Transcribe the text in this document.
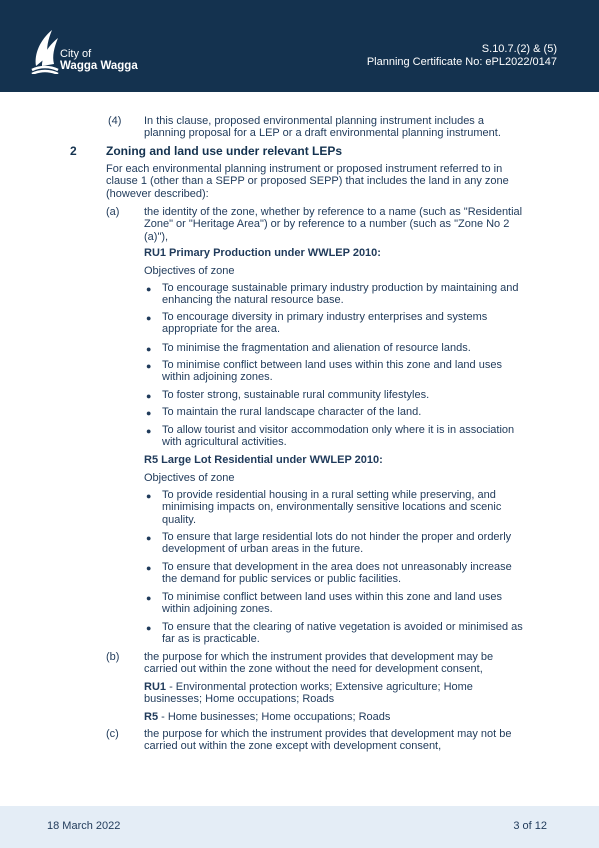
City of
Wagga Wagga
S.10.7.(2) & (5)
Planning Certificate No: ePL2022/0147
(4) In this clause, proposed environmental planning instrument includes a planning proposal for a LEP or a draft environmental planning instrument.
2 Zoning and land use under relevant LEPs
For each environmental planning instrument or proposed instrument referred to in clause 1 (other than a SEPP or proposed SEPP) that includes the land in any zone (however described):
(a) the identity of the zone, whether by reference to a name (such as "Residential Zone" or "Heritage Area") or by reference to a number (such as "Zone No 2 (a)"),
RU1 Primary Production under WWLEP 2010:
Objectives of zone
● To encourage sustainable primary industry production by maintaining and enhancing the natural resource base.
● To encourage diversity in primary industry enterprises and systems appropriate for the area.
● To minimise the fragmentation and alienation of resource lands.
● To minimise conflict between land uses within this zone and land uses within adjoining zones.
● To foster strong, sustainable rural community lifestyles.
● To maintain the rural landscape character of the land.
● To allow tourist and visitor accommodation only where it is in association with agricultural activities.
R5 Large Lot Residential under WWLEP 2010:
Objectives of zone
● To provide residential housing in a rural setting while preserving, and minimising impacts on, environmentally sensitive locations and scenic quality.
● To ensure that large residential lots do not hinder the proper and orderly development of urban areas in the future.
● To ensure that development in the area does not unreasonably increase the demand for public services or public facilities.
● To minimise conflict between land uses within this zone and land uses within adjoining zones.
● To ensure that the clearing of native vegetation is avoided or minimised as far as is practicable.
(b) the purpose for which the instrument provides that development may be carried out within the zone without the need for development consent,
RU1 - Environmental protection works; Extensive agriculture; Home businesses; Home occupations; Roads
R5 - Home businesses; Home occupations; Roads
(c) the purpose for which the instrument provides that development may not be carried out within the zone except with development consent,
18 March 2022	3 of 12
